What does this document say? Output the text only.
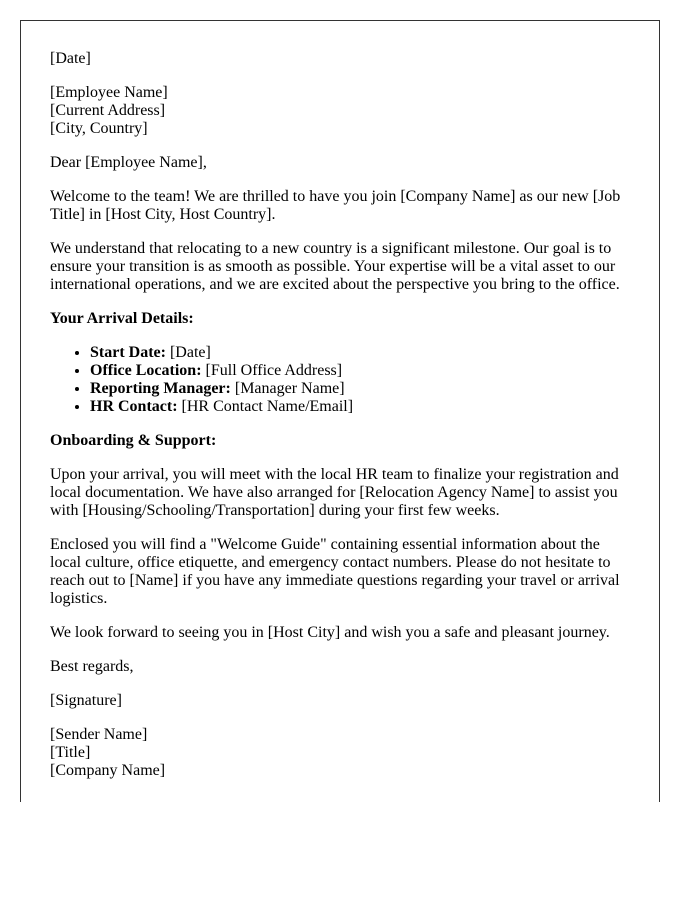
[Date]

[Employee Name]
[Current Address]
[City, Country]

Dear [Employee Name],

Welcome to the team! We are thrilled to have you join [Company Name] as our new [Job Title] in [Host City, Host Country].

We understand that relocating to a new country is a significant milestone. Our goal is to ensure your transition is as smooth as possible. Your expertise will be a vital asset to our international operations, and we are excited about the perspective you bring to the office.

Your Arrival Details:
• Start Date: [Date]
• Office Location: [Full Office Address]
• Reporting Manager: [Manager Name]
• HR Contact: [HR Contact Name/Email]
Onboarding & Support:

Upon your arrival, you will meet with the local HR team to finalize your registration and local documentation. We have also arranged for [Relocation Agency Name] to assist you with [Housing/Schooling/Transportation] during your first few weeks.

Enclosed you will find a "Welcome Guide" containing essential information about the local culture, office etiquette, and emergency contact numbers. Please do not hesitate to reach out to [Name] if you have any immediate questions regarding your travel or arrival logistics.

We look forward to seeing you in [Host City] and wish you a safe and pleasant journey.

Best regards,

[Signature]

[Sender Name]
[Title]
[Company Name]
